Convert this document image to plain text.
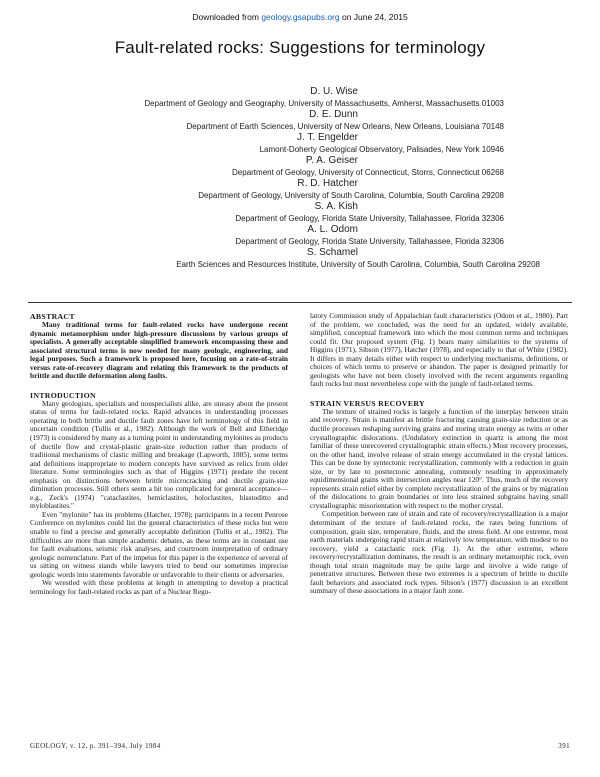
Downloaded from geology.gsapubs.org on June 24, 2015
Fault-related rocks: Suggestions for terminology
D. U. Wise
Department of Geology and Geography, University of Massachusetts, Amherst, Massachusetts 01003
D. E. Dunn
Department of Earth Sciences, University of New Orleans, New Orleans, Louisiana 70148
J. T. Engelder
Lamont-Doherty Geological Observatory, Palisades, New York 10946
P. A. Geiser
Department of Geology, University of Connecticut, Storrs, Connecticut 06268
R. D. Hatcher
Department of Geology, University of South Carolina, Columbia, South Carolina 29208
S. A. Kish
Department of Geology, Florida State University, Tallahassee, Florida 32306
A. L. Odom
Department of Geology, Florida State University, Tallahassee, Florida 32306
S. Schamel
Earth Sciences and Resources Institute, University of South Carolina, Columbia, South Carolina 29208
ABSTRACT

Many traditional terms for fault-related rocks have undergone recent dynamic metamorphism under high-pressure discussions by various groups of specialists. A generally acceptable simplified framework encompassing these and associated structural terms is now needed for many geologic, engineering, and legal purposes. Such a framework is proposed here, focusing on a rate-of-strain versus rate-of-recovery diagram and relating this framework to the products of brittle and ductile deformation along faults.

INTRODUCTION

Many geologists, specialists and nonspecialists alike, are uneasy about the present status of terms for fault-related rocks. Rapid advances in understanding processes operating in both brittle and ductile fault zones have left terminology of this field in uncertain condition (Tullis et al., 1982). Although the work of Bell and Etheridge (1973) is considered by many as a turning point in understanding mylonites as products of ductile flow and crystal-plastic grain-size reduction rather than products of traditional mechanisms of clastic milling and breakage (Lapworth, 1885), some terms and definitions inappropriate to modern concepts have survived as relics from older literature. Some terminologies such as that of Higgins (1971) predate the recent emphasis on distinctions between brittle microcracking and ductile grain-size diminution processes. Still others seem a bit too complicated for general acceptance—e.g., Zeck's (1974) "cataclastites, hemiclastites, holoclastites, blastoditto and myloblastites."

Even "mylonite" has its problems (Hatcher, 1978); participants in a recent Penrose Conference on mylonites could list the general characteristics of these rocks but were unable to find a precise and generally acceptable definition (Tullis et al., 1982). The difficulties are more than simple academic debates, as these terms are in constant use for fault evaluations, seismic risk analyses, and courtroom interpretation of ordinary geologic nomenclature. Part of the impetus for this paper is the experience of several of us sitting on witness stands while lawyers tried to bend our sometimes imprecise geologic words into statements favorable or unfavorable to their clients or adversaries.

We wrestled with these problems at length in attempting to develop a practical terminology for fault-related rocks as part of a Nuclear Regu-

latory Commission study of Appalachian fault characteristics (Odom et al., 1980). Part of the problem, we concluded, was the need for an updated, widely available, simplified, conceptual framework into which the most common terms and techniques could fit. Our proposed system (Fig. 1) bears many similarities to the systems of Higgins (1971), Sibson (1977), Hatcher (1978), and especially to that of White (1982). It differs in many details either with respect to underlying mechanisms, definitions, or choices of which terms to preserve or abandon. The paper is designed primarily for geologists who have not been closely involved with the recent arguments regarding fault rocks but must nevertheless cope with the jungle of fault-related terms.

STRAIN VERSUS RECOVERY

The texture of strained rocks is largely a function of the interplay between strain and recovery. Strain is manifest as brittle fracturing causing grain-size reduction or as ductile processes reshaping surviving grains and storing strain energy as twins or other crystallographic dislocations. (Undulatory extinction in quartz is among the most familiar of these unrecovered crystallographic strain effects.) Most recovery processes, on the other hand, involve release of strain energy accumulated in the crystal lattices. This can be done by syntectonic recrystallization, commonly with a reduction in grain size, or by late to posttectonic annealing, commonly resulting in approximately equidimensional grains with intersection angles near 120°. Thus, much of the recovery represents strain relief either by complete recrystallization of the grains or by migration of the dislocations to grain boundaries or into less strained subgrains having small crystallographic misorientation with respect to the mother crystal.

Competition between rate of strain and rate of recovery/recrystallization is a major determinant of the texture of fault-related rocks, the rates being functions of composition, grain size, temperature, fluids, and the stress field. At one extreme, most earth materials undergoing rapid strain at relatively low temperature, with modest to no recovery, yield a cataclastic rock (Fig. 1). At the other extreme, where recovery/recrystallization dominates, the result is an ordinary metamorphic rock, even though total strain magnitude may be quite large and involve a wide range of penetrative structures. Between these two extremes is a spectrum of brittle to ductile fault behaviors and associated rock types. Sibson's (1977) discussion is an excellent summary of these associations in a major fault zone.

GEOLOGY, v. 12, p. 391–394, July 1984	391
